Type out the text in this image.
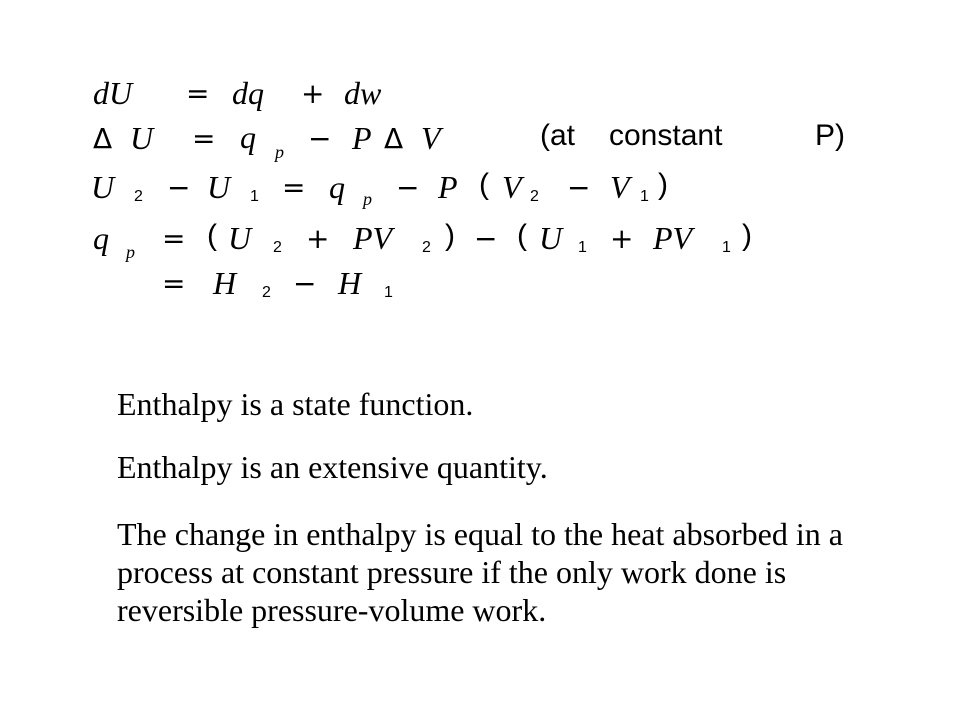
dU = dq + dw
Δ U = q p − P Δ V	(at constant	P)
U 2 − U 1 = q p − P ( V 2 − V 1 )
q p = ( U 2 + PV 2 ) − ( U 1 + PV 1 )
= H 2 − H 1

Enthalpy is a state function.

Enthalpy is an extensive quantity.

The change in enthalpy is equal to the heat absorbed in a process at constant pressure if the only work done is reversible pressure-volume work.
